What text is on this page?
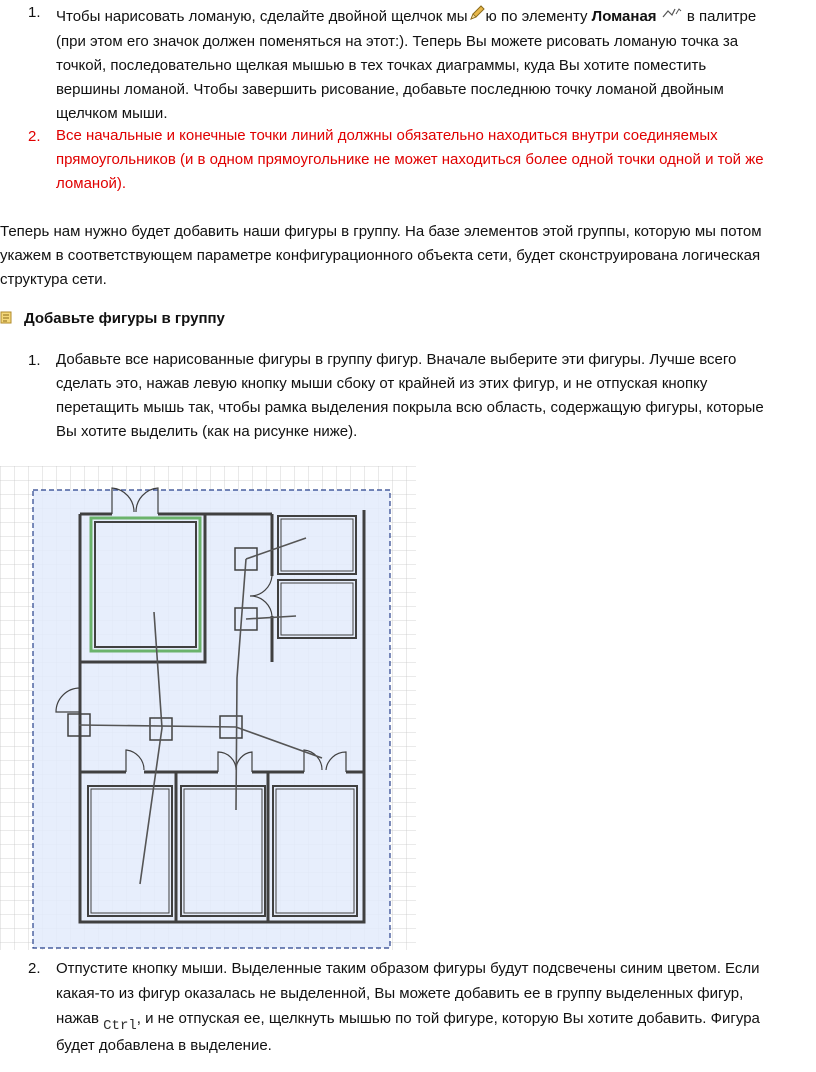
1. Чтобы нарисовать ломаную, сделайте двойной щелчок мы ю по элементу Ломаная в палитре (при этом его значок должен поменяться на этот:). Теперь Вы можете рисовать ломаную точка за точкой, последовательно щелкая мышью в тех точках диаграммы, куда Вы хотите поместить вершины ломаной. Чтобы завершить рисование, добавьте последнюю точку ломаной двойным щелчком мыши.
2. Все начальные и конечные точки линий должны обязательно находиться внутри соединяемых прямоугольников (и в одном прямоугольнике не может находиться более одной точки одной и той же ломаной).
Теперь нам нужно будет добавить наши фигуры в группу. На базе элементов этой группы, которую мы потом укажем в соответствующем параметре конфигурационного объекта сети, будет сконструирована логическая структура сети.
Добавьте фигуры в группу
1. Добавьте все нарисованные фигуры в группу фигур. Вначале выберите эти фигуры. Лучше всего сделать это, нажав левую кнопку мыши сбоку от крайней из этих фигур, и не отпуская кнопку перетащить мышь так, чтобы рамка выделения покрыла всю область, содержащую фигуры, которые Вы хотите выделить (как на рисунке ниже).
2. Отпустите кнопку мыши. Выделенные таким образом фигуры будут подсвечены синим цветом. Если какая-то из фигур оказалась не выделенной, Вы можете добавить ее в группу выделенных фигур, нажав Ctrl, и не отпуская ее, щелкнуть мышью по той фигуре, которую Вы хотите добавить. Фигура будет добавлена в выделение.
